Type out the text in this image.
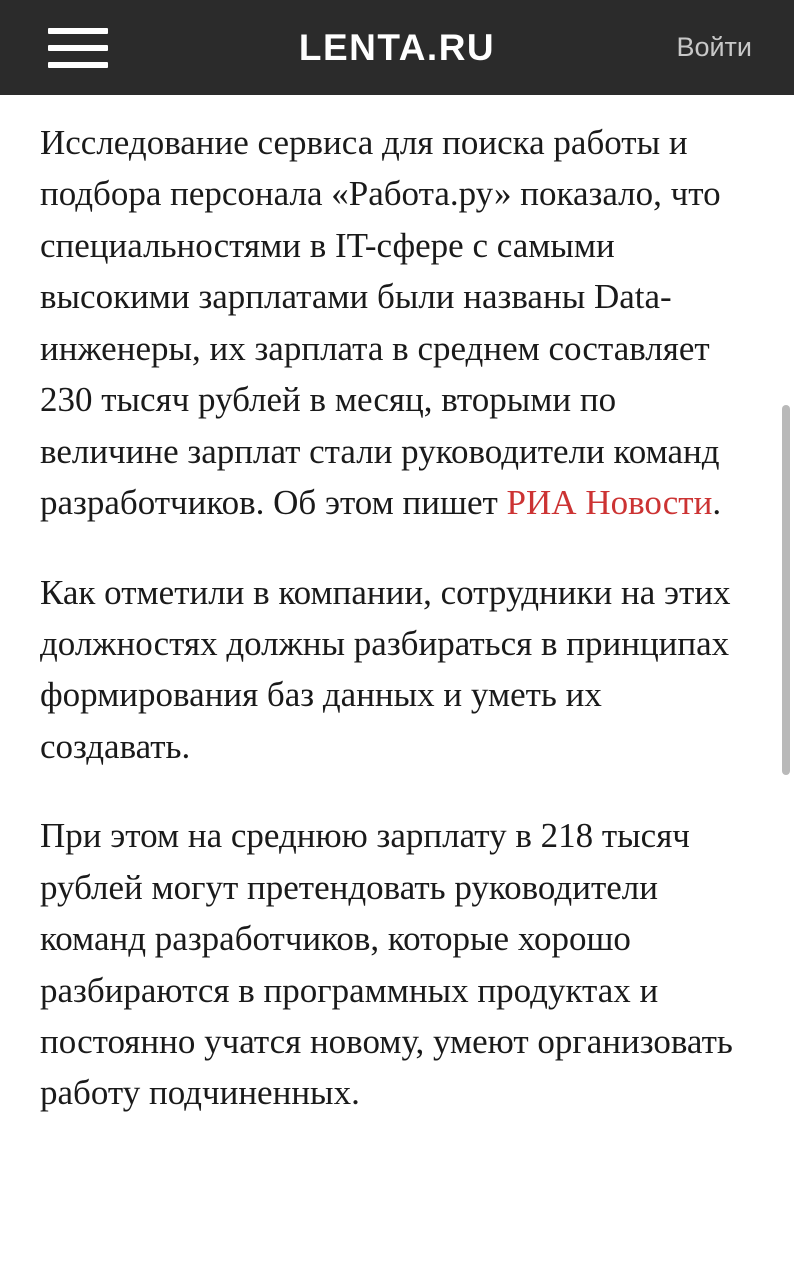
LENTA.RU	Войти

Исследование сервиса для поиска работы и подбора персонала «Работа.ру» показало, что специальностями в IT-сфере с самыми высокими зарплатами были названы Data-инженеры, их зарплата в среднем составляет 230 тысяч рублей в месяц, вторыми по величине зарплат стали руководители команд разработчиков. Об этом пишет РИА Новости.

Как отметили в компании, сотрудники на этих должностях должны разбираться в принципах формирования баз данных и уметь их создавать.

При этом на среднюю зарплату в 218 тысяч рублей могут претендовать руководители команд разработчиков, которые хорошо разбираются в программных продуктах и постоянно учатся новому, умеют организовать работу подчиненных.
